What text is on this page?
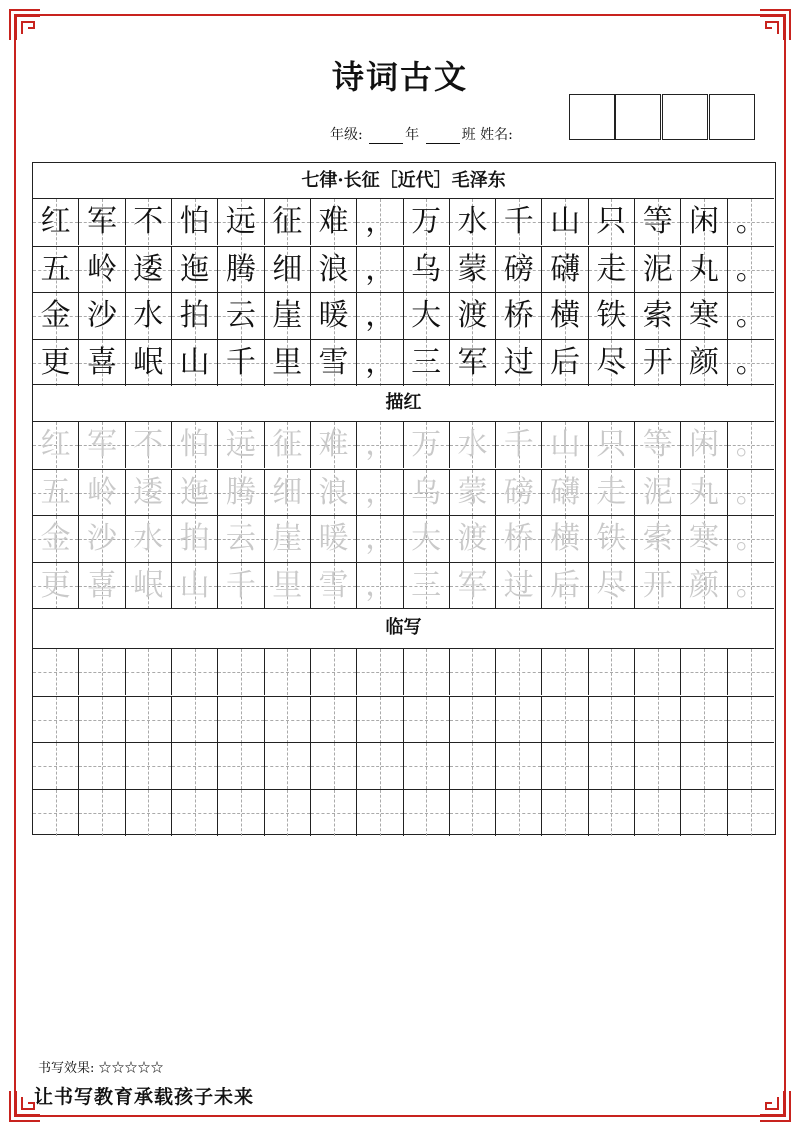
诗词古文
年级:	年	班 姓名:
七律·长征［近代］毛泽东
红 军 不 怕 远 征 难 ， 万 水 千 山 只 等 闲 。
五 岭 逶 迤 腾 细 浪 ， 乌 蒙 磅 礴 走 泥 丸 。
金 沙 水 拍 云 崖 暖 ， 大 渡 桥 横 铁 索 寒 。
更 喜 岷 山 千 里 雪 ， 三 军 过 后 尽 开 颜 。
描红
红 军 不 怕 远 征 难 ， 万 水 千 山 只 等 闲 。
五 岭 逶 迤 腾 细 浪 ， 乌 蒙 磅 礴 走 泥 丸 。
金 沙 水 拍 云 崖 暖 ， 大 渡 桥 横 铁 索 寒 。
更 喜 岷 山 千 里 雪 ， 三 军 过 后 尽 开 颜 。
临写
书写效果: ☆☆☆☆☆
让书写教育承载孩子未来
